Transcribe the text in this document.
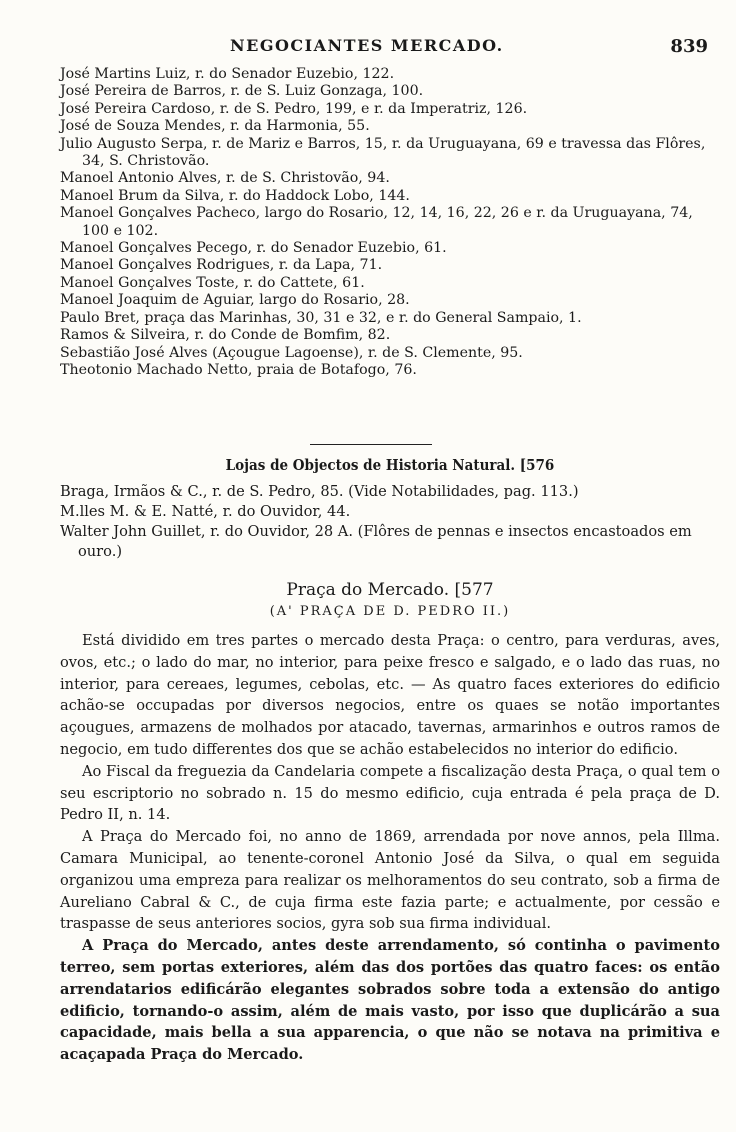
NEGOCIANTES MERCADO.	839

José Martins Luiz, r. do Senador Euzebio, 122.

José Pereira de Barros, r. de S. Luiz Gonzaga, 100.

José Pereira Cardoso, r. de S. Pedro, 199, e r. da Imperatriz, 126.

José de Souza Mendes, r. da Harmonia, 55.

Julio Augusto Serpa, r. de Mariz e Barros, 15, r. da Uruguayana, 69 e travessa das Flôres, 34, S. Christovão.

Manoel Antonio Alves, r. de S. Christovão, 94.

Manoel Brum da Silva, r. do Haddock Lobo, 144.

Manoel Gonçalves Pacheco, largo do Rosario, 12, 14, 16, 22, 26 e r. da Uruguayana, 74, 100 e 102.

Manoel Gonçalves Pecego, r. do Senador Euzebio, 61.

Manoel Gonçalves Rodrigues, r. da Lapa, 71.

Manoel Gonçalves Toste, r. do Cattete, 61.

Manoel Joaquim de Aguiar, largo do Rosario, 28.

Paulo Bret, praça das Marinhas, 30, 31 e 32, e r. do General Sampaio, 1.

Ramos & Silveira, r. do Conde de Bomfim, 82.

Sebastião José Alves (Açougue Lagoense), r. de S. Clemente, 95.

Theotonio Machado Netto, praia de Botafogo, 76.

Lojas de Objectos de Historia Natural. [576

Braga, Irmãos & C., r. de S. Pedro, 85. (Vide Notabilidades, pag. 113.)

M.lles M. & E. Natté, r. do Ouvidor, 44.

Walter John Guillet, r. do Ouvidor, 28 A. (Flôres de pennas e insectos encastoados em ouro.)

Praça do Mercado. [577
(A' PRAÇA DE D. PEDRO II.)

Está dividido em tres partes o mercado desta Praça: o centro, para verduras, aves, ovos, etc.; o lado do mar, no interior, para peixe fresco e salgado, e o lado das ruas, no interior, para cereaes, legumes, cebolas, etc. — As quatro faces exteriores do edificio achão-se occupadas por diversos negocios, entre os quaes se notão importantes açougues, armazens de molhados por atacado, tavernas, armarinhos e outros ramos de negocio, em tudo differentes dos que se achão estabelecidos no interior do edificio.

Ao Fiscal da freguezia da Candelaria compete a fiscalização desta Praça, o qual tem o seu escriptorio no sobrado n. 15 do mesmo edificio, cuja entrada é pela praça de D. Pedro II, n. 14.

A Praça do Mercado foi, no anno de 1869, arrendada por nove annos, pela Illma. Camara Municipal, ao tenente-coronel Antonio José da Silva, o qual em seguida organizou uma empreza para realizar os melhoramentos do seu contrato, sob a firma de Aureliano Cabral & C., de cuja firma este fazia parte; e actualmente, por cessão e traspasse de seus anteriores socios, gyra sob sua firma individual.

A Praça do Mercado, antes deste arrendamento, só continha o pavimento terreo, sem portas exteriores, além das dos portões das quatro faces: os então arrendatarios edificárão elegantes sobrados sobre toda a extensão do antigo edificio, tornando-o assim, além de mais vasto, por isso que duplicárão a sua capacidade, mais bella a sua apparencia, o que não se notava na primitiva e acaçapada Praça do Mercado.
